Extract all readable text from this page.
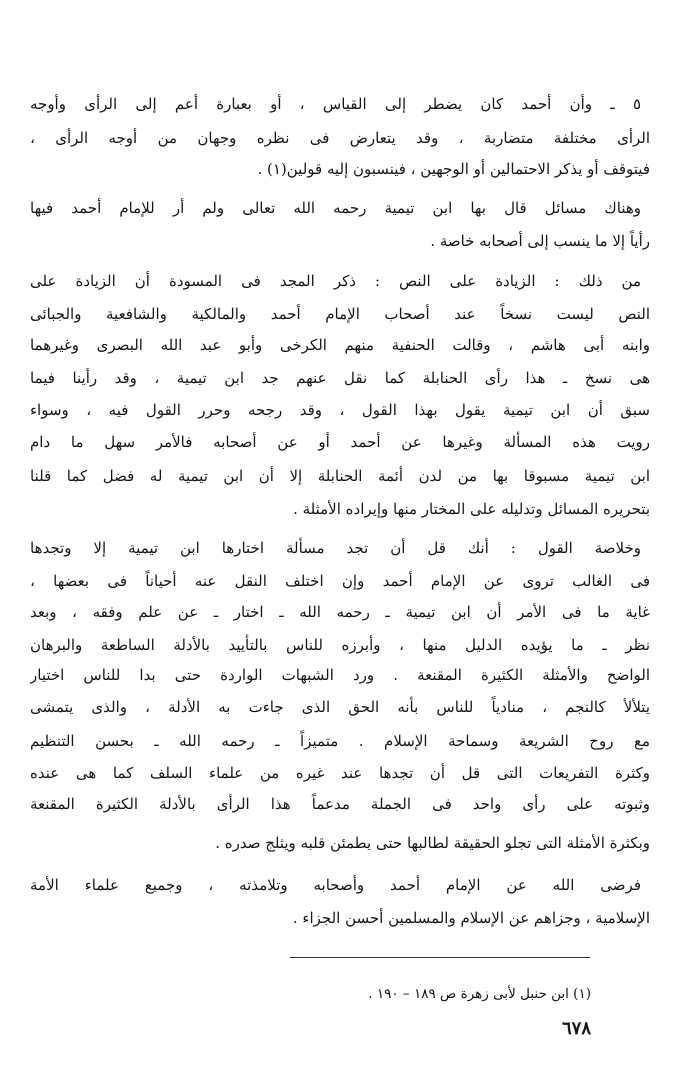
٥ ـ وأن أحمد كان يضطر إلى القياس ، أو بعبارة أعم إلى الرأى وأوجه
الرأى مختلفة متضاربة ، وقد يتعارض فى نظره وجهان من أوجه الرأى ،
فيتوقف أو يذكر الاحتمالين أو الوجهين ، فينسبون إليه قولين(١) .
وهناك مسائل قال بها ابن تيمية رحمه الله تعالى ولم أر للإمام أحمد فيها
رأياً إلا ما ينسب إلى أصحابه خاصة .
من ذلك : الزيادة على النص : ذكر المجد فى المسودة أن الزيادة على
النص ليست نسخاً عند أصحاب الإمام أحمد والمالكية والشافعية والجبائى
وابنه أبى هاشم ، وقالت الحنفية منهم الكرخى وأبو عبد الله البصرى وغيرهما
هى نسخ ـ هذا رأى الحنابلة كما نقل عنهم جد ابن تيمية ، وقد رأينا فيما
سبق أن ابن تيمية يقول بهذا القول ، وقد رجحه وحرر القول فيه ، وسواء
رويت هذه المسألة وغيرها عن أحمد أو عن أصحابه فالأمر سهل ما دام
ابن تيمية مسبوقا بها من لدن أئمة الحنابلة إلا أن ابن تيمية له فضل كما قلنا
بتحريره المسائل وتدليله على المختار منها وإيراده الأمثلة .
وخلاصة القول : أنك قل أن تجد مسألة اختارها ابن تيمية إلا وتجدها
فى الغالب تروى عن الإمام أحمد وإن اختلف النقل عنه أحياناً فى بعضها ،
غاية ما فى الأمر أن ابن تيمية ـ رحمه الله ـ اختار ـ عن علم وفقه ، وبعد
نظر ـ ما يؤيده الدليل منها ، وأبرزه للناس بالتأييد بالأدلة الساطعة والبرهان
الواضح والأمثلة الكثيرة المقنعة . ورد الشبهات الواردة حتى بدا للناس اختيار
يتلألأ كالنجم ، منادياً للناس بأنه الحق الذى جاءت به الأدلة ، والذى يتمشى
مع روح الشريعة وسماحة الإسلام . متميزاً ـ رحمه الله ـ بحسن التنظيم
وكثرة التفريعات التى قل أن تجدها عند غيره من علماء السلف كما هى عنده
وثبوته على رأى واحد فى الجملة مدعماً هذا الرأى بالأدلة الكثيرة المقنعة
وبكثرة الأمثلة التى تجلو الحقيقة لطالبها حتى يطمئن قلبه ويثلج صدره .
فرضى الله عن الإمام أحمد وأصحابه وتلامذته ، وجميع علماء الأمة
الإسلامية ، وجزاهم عن الإسلام والمسلمين أحسن الجزاء .
(١) ابن حنبل لأبى زهرة ص ١٨٩ – ١٩٠ .
٦٧٨
